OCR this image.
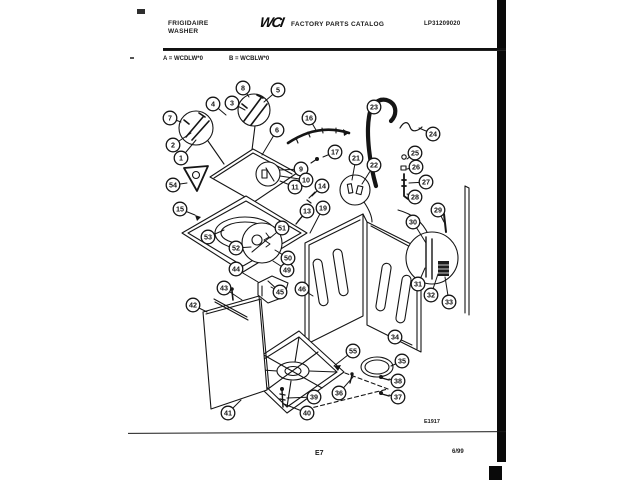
1
2
3
4
5
6
7
8
9
10
11
13
14
15
16
17
19
21
22
23
24
25
26
27
28
29
30
31
32
33
34
35
36	37
38
39
40
41
42
43
44
45 46
49
50
51
52
53
54
55
FRIGIDAIRE
WASHER
WCI FACTORY PARTS CATALOG	LP31209020
A = WCDLW*0	B = WCBLW*0
E1917
E7	6/99
